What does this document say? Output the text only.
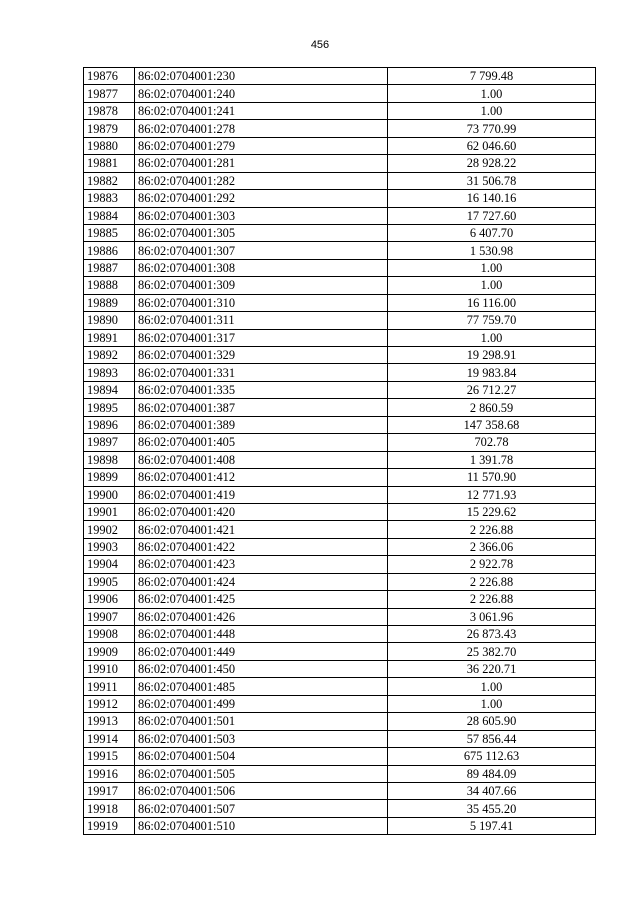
456
19876	86:02:0704001:230	7 799.48
19877	86:02:0704001:240	1.00
19878	86:02:0704001:241	1.00
19879	86:02:0704001:278	73 770.99
19880	86:02:0704001:279	62 046.60
19881	86:02:0704001:281	28 928.22
19882	86:02:0704001:282	31 506.78
19883	86:02:0704001:292	16 140.16
19884	86:02:0704001:303	17 727.60
19885	86:02:0704001:305	6 407.70
19886	86:02:0704001:307	1 530.98
19887	86:02:0704001:308	1.00
19888	86:02:0704001:309	1.00
19889	86:02:0704001:310	16 116.00
19890	86:02:0704001:311	77 759.70
19891	86:02:0704001:317	1.00
19892	86:02:0704001:329	19 298.91
19893	86:02:0704001:331	19 983.84
19894	86:02:0704001:335	26 712.27
19895	86:02:0704001:387	2 860.59
19896	86:02:0704001:389	147 358.68
19897	86:02:0704001:405	702.78
19898	86:02:0704001:408	1 391.78
19899	86:02:0704001:412	11 570.90
19900	86:02:0704001:419	12 771.93
19901	86:02:0704001:420	15 229.62
19902	86:02:0704001:421	2 226.88
19903	86:02:0704001:422	2 366.06
19904	86:02:0704001:423	2 922.78
19905	86:02:0704001:424	2 226.88
19906	86:02:0704001:425	2 226.88
19907	86:02:0704001:426	3 061.96
19908	86:02:0704001:448	26 873.43
19909	86:02:0704001:449	25 382.70
19910	86:02:0704001:450	36 220.71
19911	86:02:0704001:485	1.00
19912	86:02:0704001:499	1.00
19913	86:02:0704001:501	28 605.90
19914	86:02:0704001:503	57 856.44
19915	86:02:0704001:504	675 112.63
19916	86:02:0704001:505	89 484.09
19917	86:02:0704001:506	34 407.66
19918	86:02:0704001:507	35 455.20
19919	86:02:0704001:510	5 197.41
